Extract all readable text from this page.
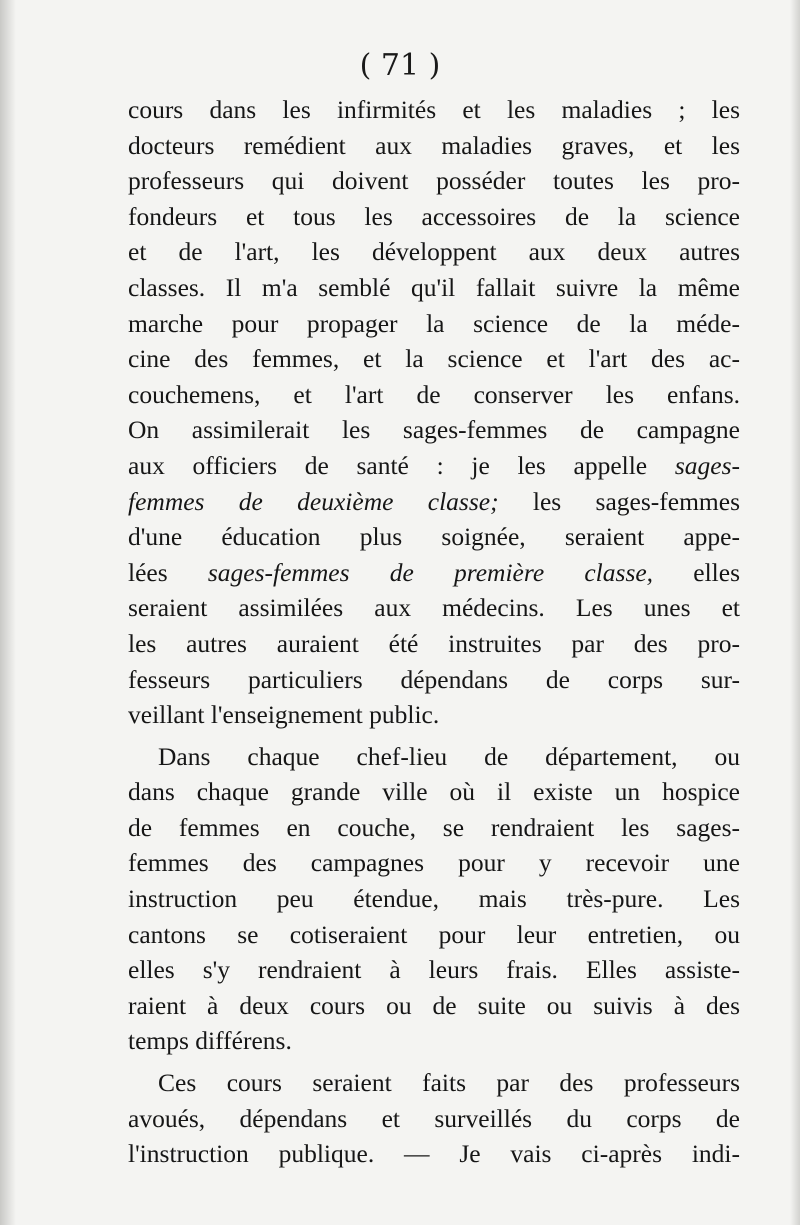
( 71 )
cours dans les infirmités et les maladies ; les
docteurs remédient aux maladies graves, et les
professeurs qui doivent posséder toutes les pro-
fondeurs et tous les accessoires de la science
et de l'art, les développent aux deux autres
classes. Il m'a semblé qu'il fallait suivre la même
marche pour propager la science de la méde-
cine des femmes, et la science et l'art des ac-
couchemens, et l'art de conserver les enfans.
On assimilerait les sages-femmes de campagne
aux officiers de santé : je les appelle sages-
femmes de deuxième classe; les sages-femmes
d'une éducation plus soignée, seraient appe-
lées sages-femmes de première classe, elles
seraient assimilées aux médecins. Les unes et
les autres auraient été instruites par des pro-
fesseurs particuliers dépendans de corps sur-
veillant l'enseignement public.
Dans chaque chef-lieu de département, ou
dans chaque grande ville où il existe un hospice
de femmes en couche, se rendraient les sages-
femmes des campagnes pour y recevoir une
instruction peu étendue, mais très-pure. Les
cantons se cotiseraient pour leur entretien, ou
elles s'y rendraient à leurs frais. Elles assiste-
raient à deux cours ou de suite ou suivis à des
temps différens.
Ces cours seraient faits par des professeurs
avoués, dépendans et surveillés du corps de
l'instruction publique. — Je vais ci-après indi-
